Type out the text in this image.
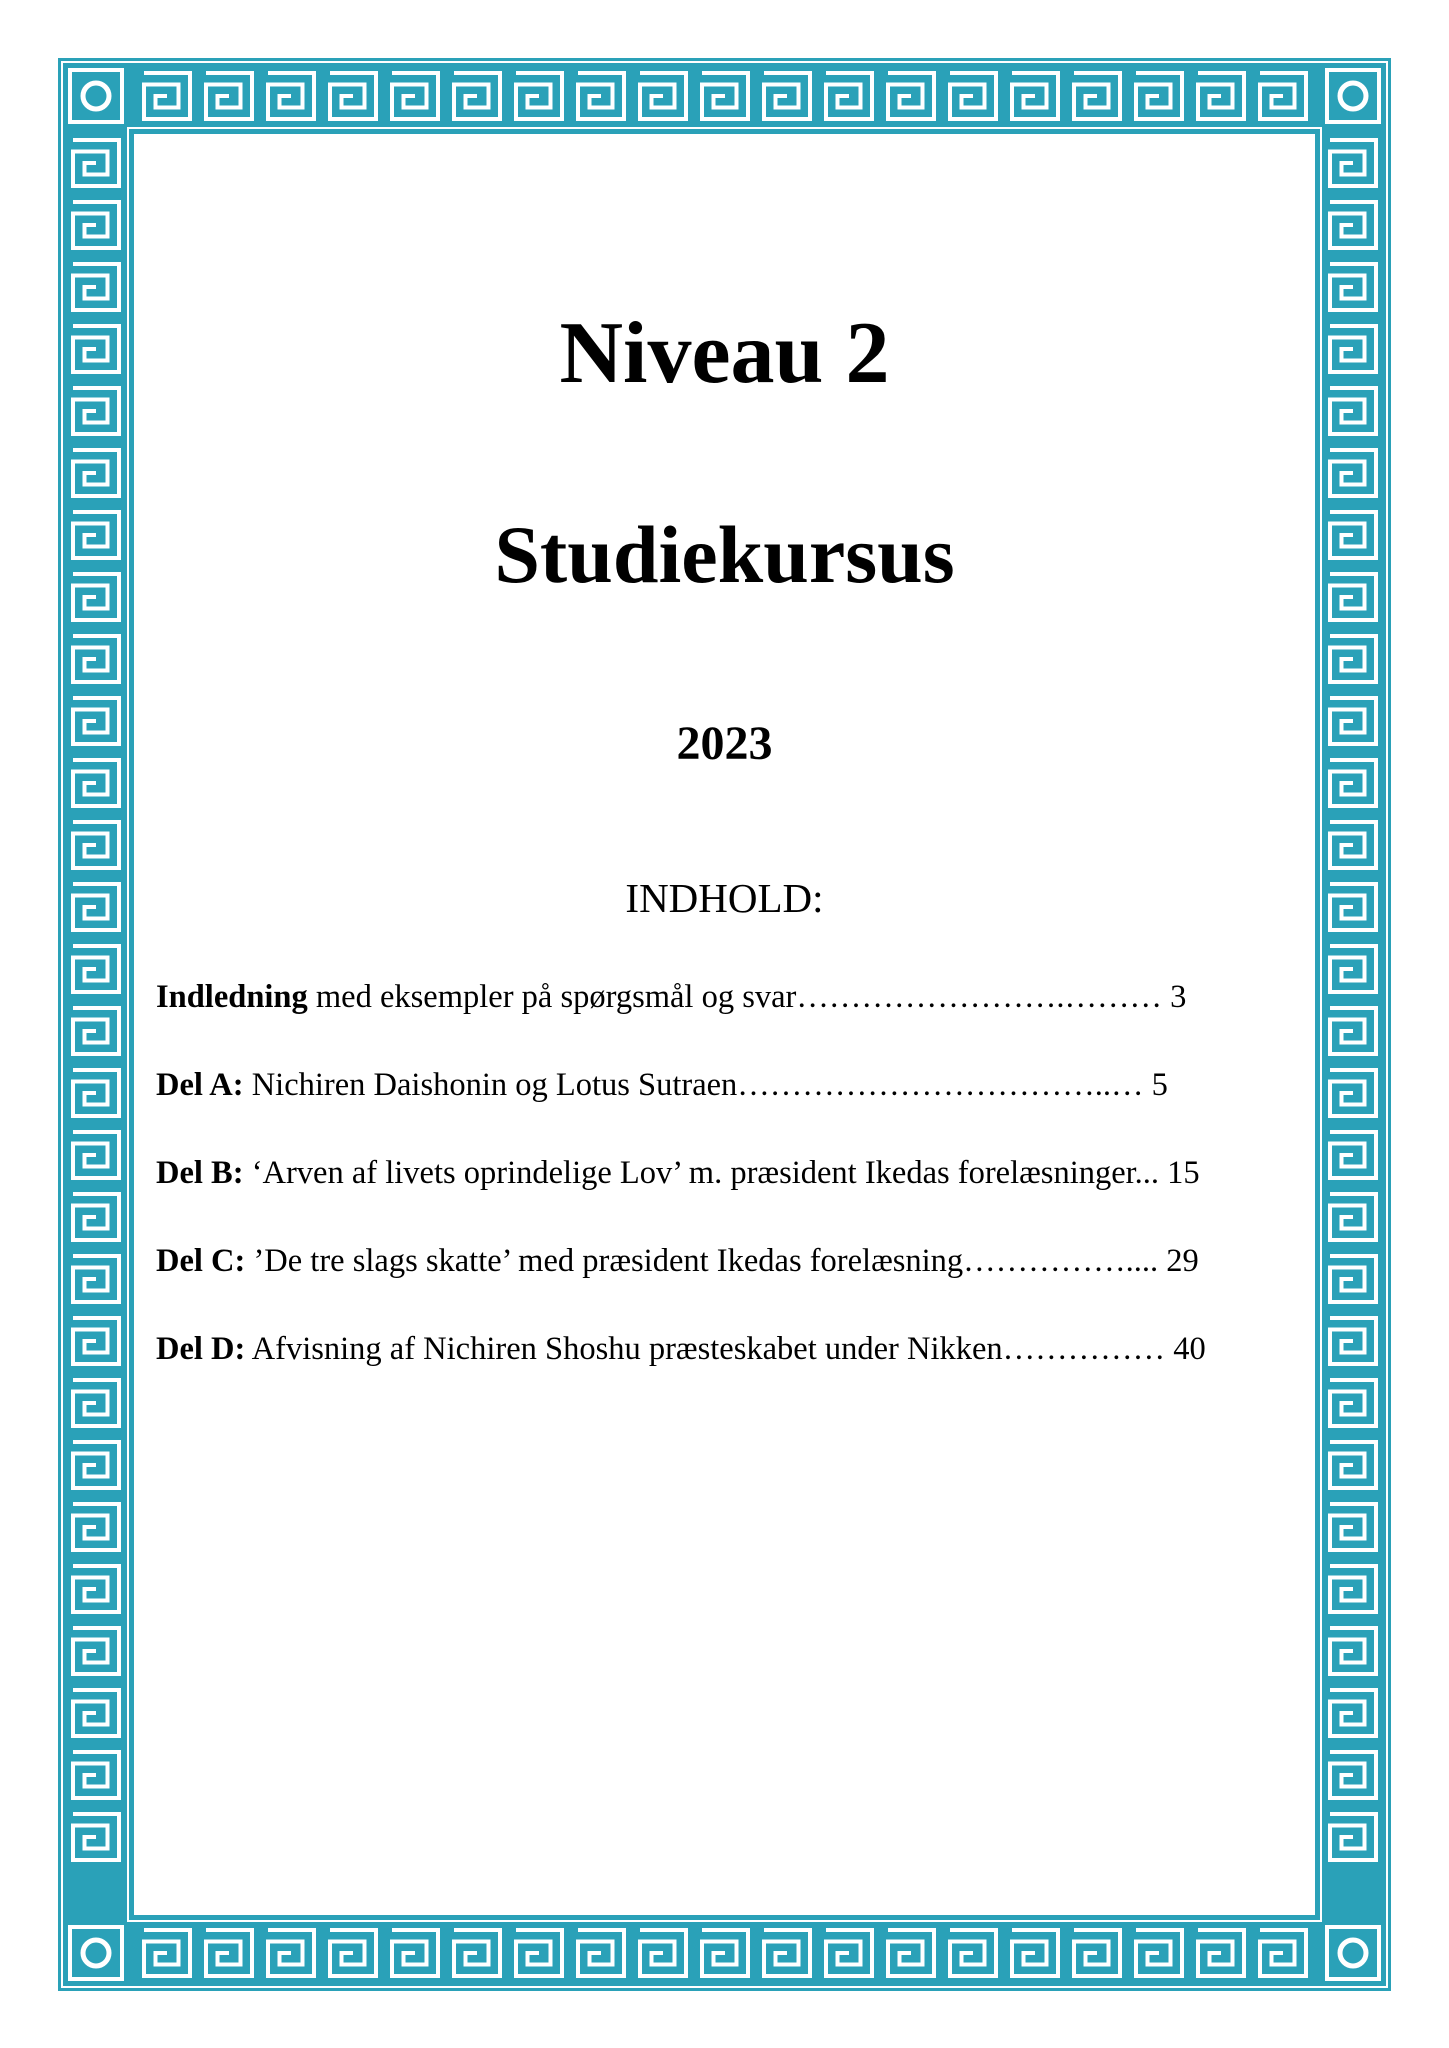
Niveau 2
Studiekursus
2023
INDHOLD:
Indledning med eksempler på spørgsmål og svar…………………….……… 3
Del A: Nichiren Daishonin og Lotus Sutraen……………………………..… 5
Del B: ‘Arven af livets oprindelige Lov’ m. præsident Ikedas forelæsninger... 15
Del C: ’De tre slags skatte’ med præsident Ikedas forelæsning…………….... 29
Del D: Afvisning af Nichiren Shoshu præsteskabet under Nikken…………… 40
